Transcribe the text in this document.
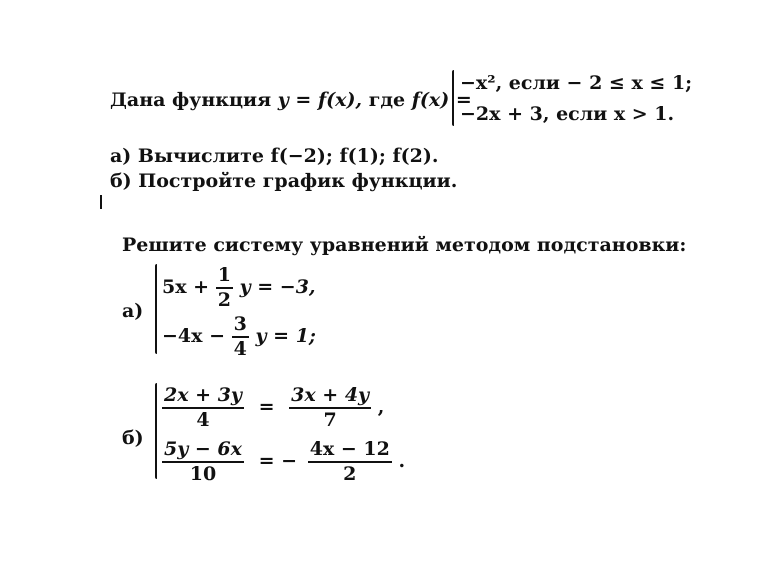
Дана функция y = f(x), где f(x) =
−x², если − 2 ≤ x ≤ 1;
−2x + 3, если x > 1.
а) Вычислите f(−2); f(1); f(2).
б) Постройте график функции.
Решите систему уравнений методом подстановки:
а)
$5x + \frac{1}{2}$ y = −3,
$-4x - \frac{3}{4}$ y = 1;
б)
$\frac{2x + 3y}{4} = \frac{3x + 4y}{7}$ ,
$\frac{5y - 6x}{10}$ = − $\frac{4x - 12}{2}$ .
